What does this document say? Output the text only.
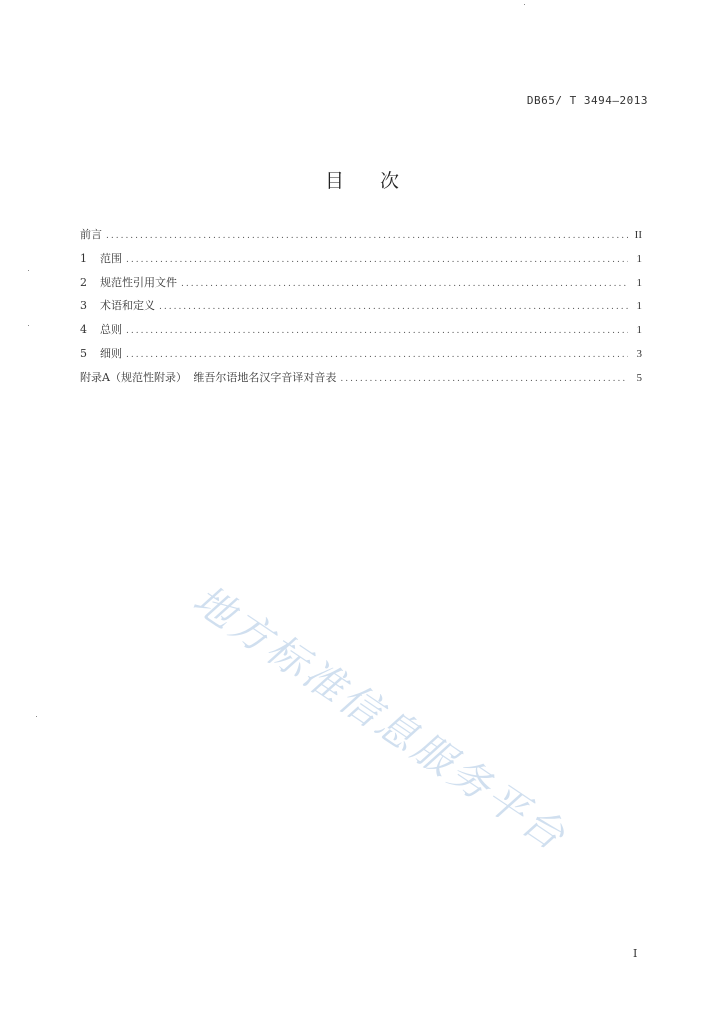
DB65/ T 3494—2013
目 次
前言 .....	II
1	范围 .....	1
2	规范性引用文件 .....	1
3	术语和定义 .....	1
4	总则 .....	1
5	细则 .....	3
附录A（规范性附录） 维吾尔语地名汉字音译对音表 .....	5
地方标准信息服务平台
I
